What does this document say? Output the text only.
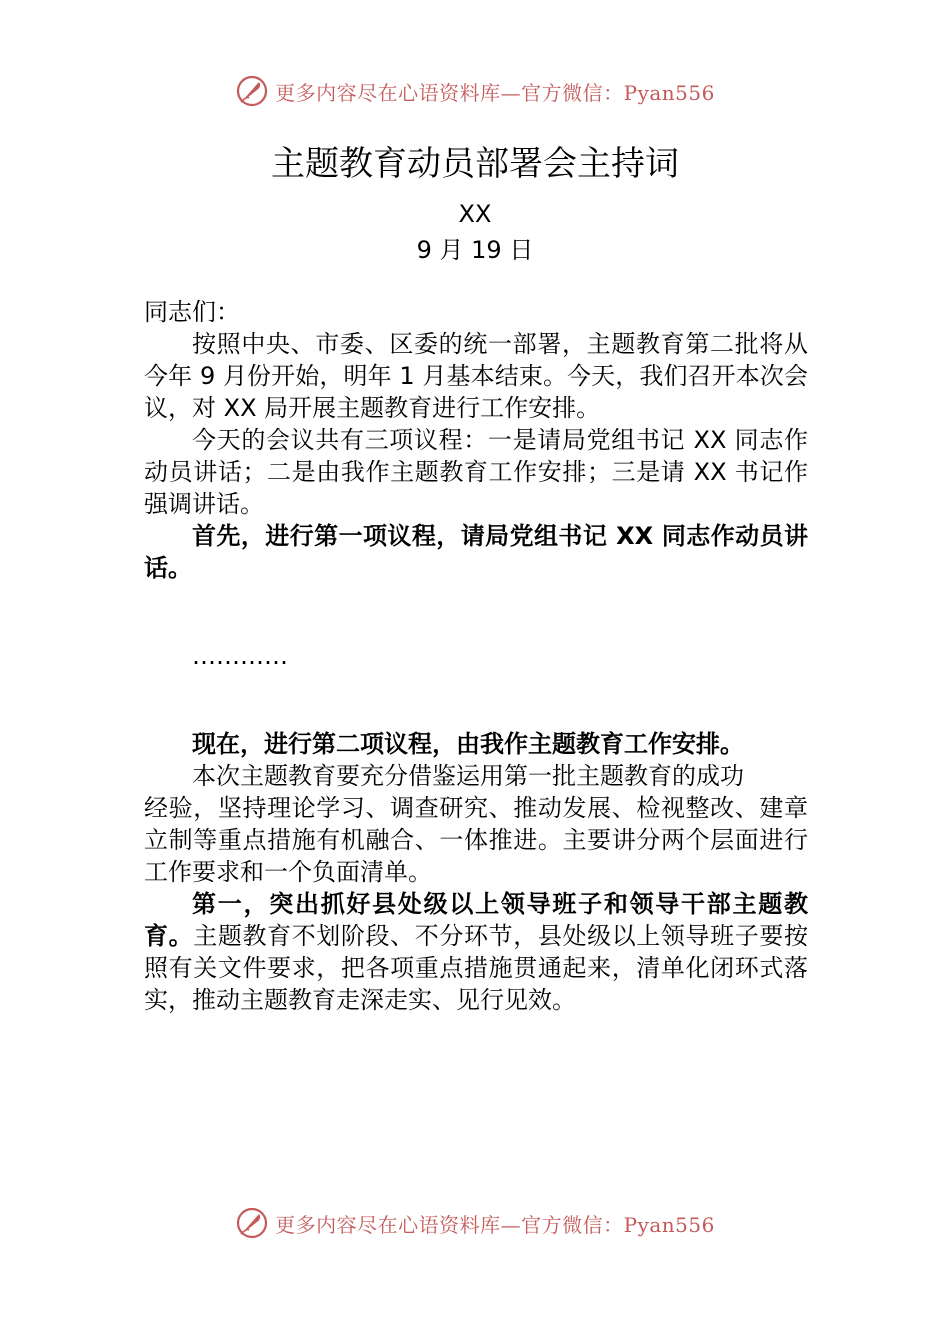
更多内容尽在心语资料库—官方微信：Pyan556
主题教育动员部署会主持词
XX
9 月 19 日

同志们：

按照中央、市委、区委的统一部署，主题教育第二批将从今年 9 月份开始，明年 1 月基本结束。今天，我们召开本次会议，对 XX 局开展主题教育进行工作安排。

今天的会议共有三项议程：一是请局党组书记 XX 同志作动员讲话；二是由我作主题教育工作安排；三是请 XX 书记作强调讲话。

首先，进行第一项议程，请局党组书记 XX 同志作动员讲话。

…………

现在，进行第二项议程，由我作主题教育工作安排。

本次主题教育要充分借鉴运用第一批主题教育的成功

经验，坚持理论学习、调查研究、推动发展、检视整改、建章立制等重点措施有机融合、一体推进。主要讲分两个层面进行工作要求和一个负面清单。

第一，突出抓好县处级以上领导班子和领导干部主题教育。主题教育不划阶段、不分环节，县处级以上领导班子要按照有关文件要求，把各项重点措施贯通起来，清单化闭环式落实，推动主题教育走深走实、见行见效。

更多内容尽在心语资料库—官方微信：Pyan556
